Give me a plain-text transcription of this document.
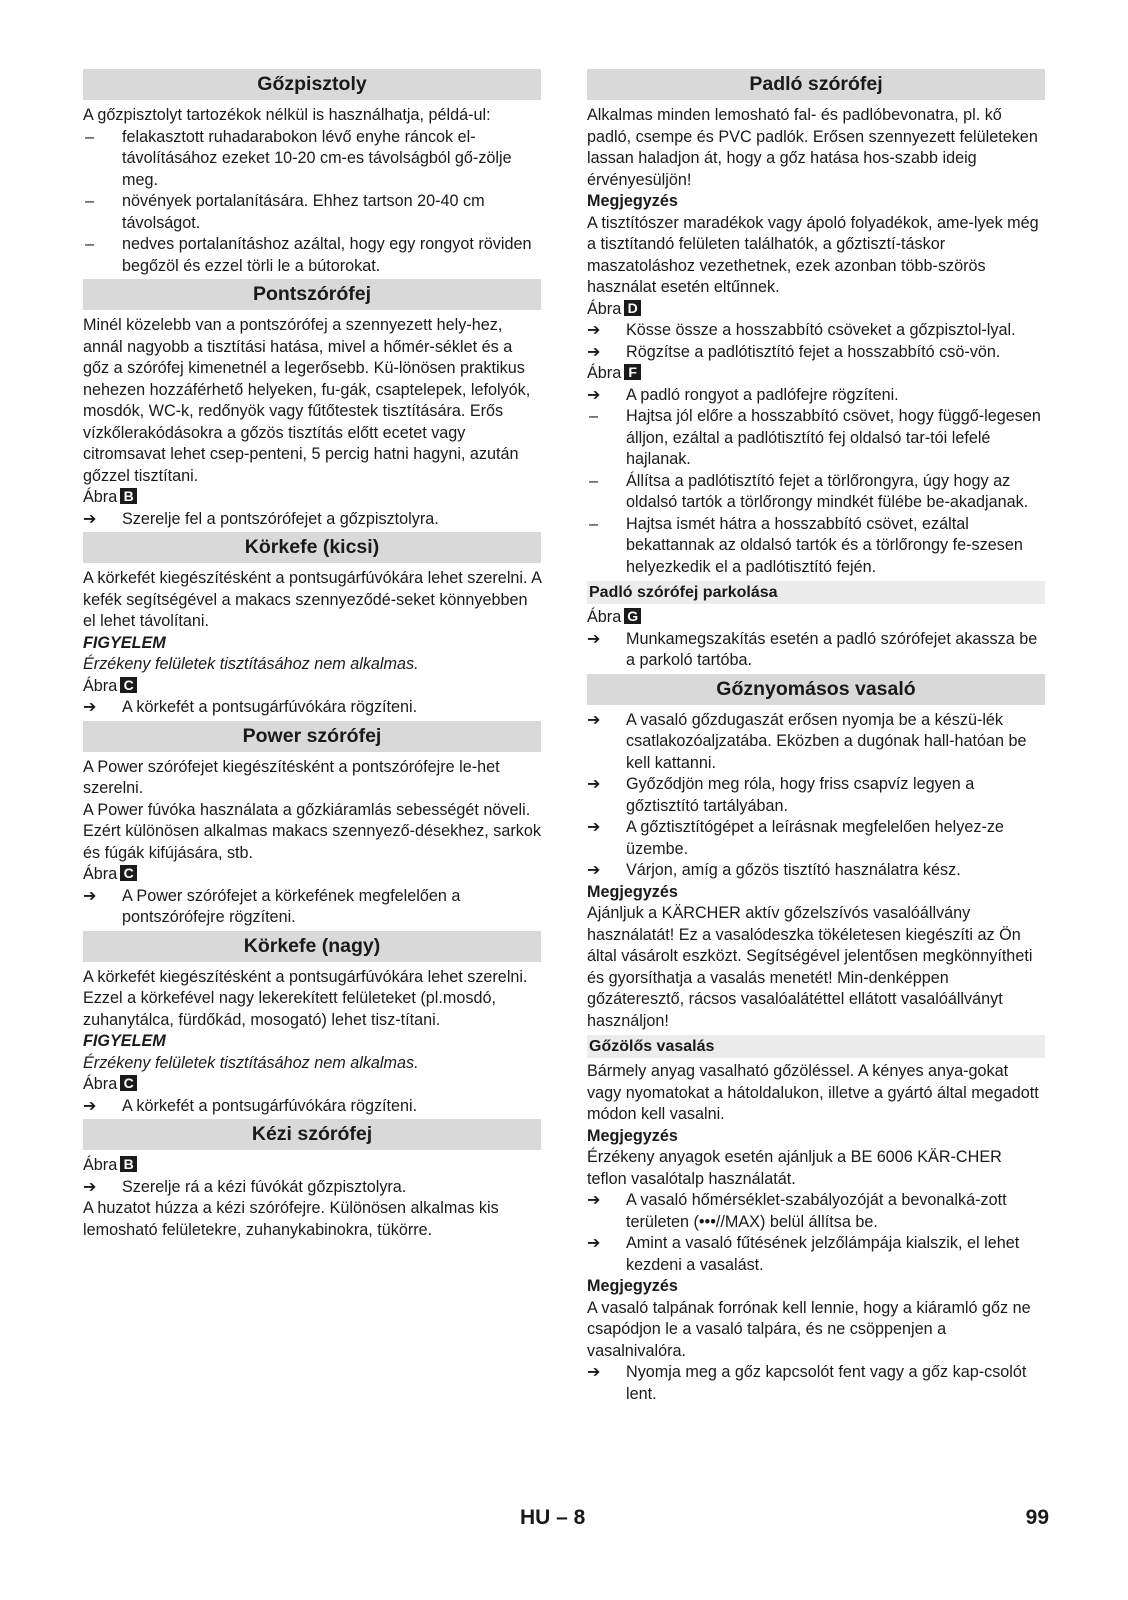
Gőzpisztoly
A gőzpisztolyt tartozékok nélkül is használhatja, példá-ul:
– felakasztott ruhadarabokon lévő enyhe ráncok el-távolításához ezeket 10-20 cm-es távolságból gő-zölje meg.
– növények portalanítására. Ehhez tartson 20-40 cm távolságot.
– nedves portalanításhoz azáltal, hogy egy rongyot röviden begőzöl és ezzel törli le a bútorokat.
Pontszórófej
Minél közelebb van a pontszórófej a szennyezett hely-hez, annál nagyobb a tisztítási hatása, mivel a hőmér-séklet és a gőz a szórófej kimenetnél a legerősebb. Kü-lönösen praktikus nehezen hozzáférhető helyeken, fu-gák, csaptelepek, lefolyók, mosdók, WC-k, redőnyök vagy fűtőtestek tisztítására. Erős vízkőlerakódásokra a gőzös tisztítás előtt ecetet vagy citromsavat lehet csep-penteni, 5 percig hatni hagyni, azután gőzzel tisztítani.
Ábra B
➔ Szerelje fel a pontszórófejet a gőzpisztolyra.
Körkefe (kicsi)
A körkefét kiegészítésként a pontsugárfúvókára lehet szerelni. A kefék segítségével a makacs szennyeződé-seket könnyebben el lehet távolítani.
FIGYELEM
Érzékeny felületek tisztításához nem alkalmas.
Ábra C
➔ A körkefét a pontsugárfúvókára rögzíteni.
Power szórófej
A Power szórófejet kiegészítésként a pontszórófejre le-het szerelni.
A Power fúvóka használata a gőzkiáramlás sebességét növeli. Ezért különösen alkalmas makacs szennyező-désekhez, sarkok és fúgák kifújására, stb.
Ábra C
➔ A Power szórófejet a körkefének megfelelően a pontszórófejre rögzíteni.
Körkefe (nagy)
A körkefét kiegészítésként a pontsugárfúvókára lehet szerelni. Ezzel a körkefével nagy lekerekített felületeket (pl.mosdó, zuhanytálca, fürdőkád, mosogató) lehet tisz-títani.
FIGYELEM
Érzékeny felületek tisztításához nem alkalmas.
Ábra C
➔ A körkefét a pontsugárfúvókára rögzíteni.
Kézi szórófej
Ábra B
➔ Szerelje rá a kézi fúvókát gőzpisztolyra.
A huzatot húzza a kézi szórófejre. Különösen alkalmas kis lemosható felületekre, zuhanykabinokra, tükörre.
Padló szórófej
Alkalmas minden lemosható fal- és padlóbevonatra, pl. kő padló, csempe és PVC padlók. Erősen szennyezett felületeken lassan haladjon át, hogy a gőz hatása hos-szabb ideig érvényesüljön!
Megjegyzés
A tisztítószer maradékok vagy ápoló folyadékok, ame-lyek még a tisztítandó felületen találhatók, a gőztisztí-táskor maszatoláshoz vezethetnek, ezek azonban több-szörös használat esetén eltűnnek.
Ábra D
➔ Kösse össze a hosszabbító csöveket a gőzpisztol-lyal.
➔ Rögzítse a padlótisztító fejet a hosszabbító csö-vön.
Ábra F
➔ A padló rongyot a padlófejre rögzíteni.
– Hajtsa jól előre a hosszabbító csövet, hogy függő-legesen álljon, ezáltal a padlótisztító fej oldalsó tar-tói lefelé hajlanak.
– Állítsa a padlótisztító fejet a törlőrongyra, úgy hogy az oldalsó tartók a törlőrongy mindkét fülébe be-akadjanak.
– Hajtsa ismét hátra a hosszabbító csövet, ezáltal bekattannak az oldalsó tartók és a törlőrongy fe-szesen helyezkedik el a padlótisztító fején.
Padló szórófej parkolása
Ábra G
➔ Munkamegszakítás esetén a padló szórófejet akassza be a parkoló tartóba.
Gőznyomásos vasaló
➔ A vasaló gőzdugaszát erősen nyomja be a készü-lék csatlakozóaljzatába. Eközben a dugónak hall-hatóan be kell kattanni.
➔ Győződjön meg róla, hogy friss csapvíz legyen a gőztisztító tartályában.
➔ A gőztisztítógépet a leírásnak megfelelően helyez-ze üzembe.
➔ Várjon, amíg a gőzös tisztító használatra kész.
Megjegyzés
Ajánljuk a KÄRCHER aktív gőzelszívós vasalóállvány használatát! Ez a vasalódeszka tökéletesen kiegészíti az Ön által vásárolt eszközt. Segítségével jelentősen megkönnyítheti és gyorsíthatja a vasalás menetét! Min-denképpen gőzáteresztő, rácsos vasalóalátéttel ellátott vasalóállványt használjon!
Gőzölős vasalás
Bármely anyag vasalható gőzöléssel. A kényes anya-gokat vagy nyomatokat a hátoldalukon, illetve a gyártó által megadott módon kell vasalni.
Megjegyzés
Érzékeny anyagok esetén ajánljuk a BE 6006 KÄR-CHER teflon vasalótalp használatát.
➔ A vasaló hőmérséklet-szabályozóját a bevonalká-zott területen (•••//MAX) belül állítsa be.
➔ Amint a vasaló fűtésének jelzőlámpája kialszik, el lehet kezdeni a vasalást.
Megjegyzés
A vasaló talpának forrónak kell lennie, hogy a kiáramló gőz ne csapódjon le a vasaló talpára, és ne csöppenjen a vasalnivalóra.
➔ Nyomja meg a gőz kapcsolót fent vagy a gőz kap-csolót lent.
HU – 8	99
